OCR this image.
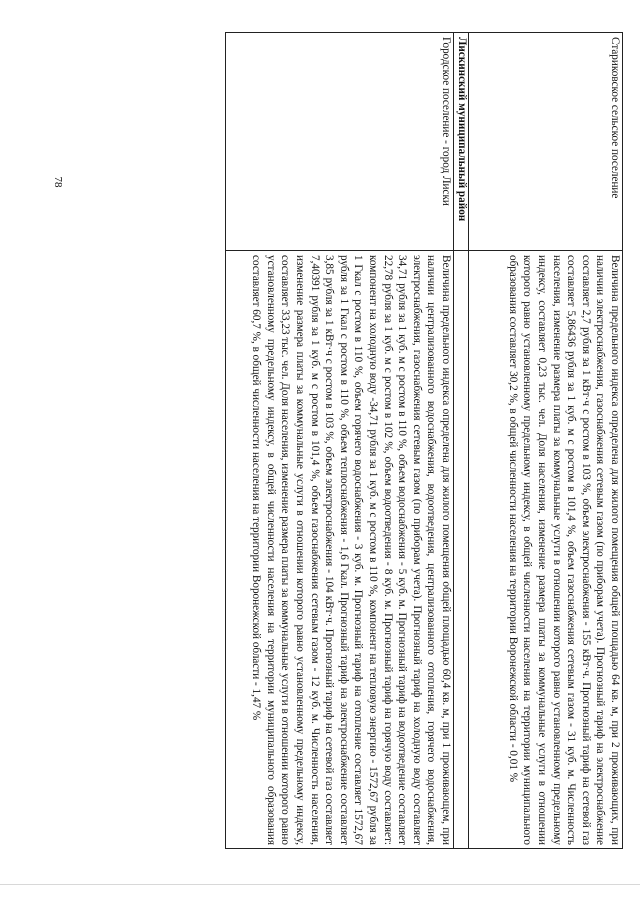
78	Стариковское сельское поселение	Величина предельного индекса определена для жилого помещения общей площадью 64 кв. м, при 2 проживающих, при наличии электроснабжения, газоснабжения сетевым газом (по приборам учета). Прогнозный тариф на электроснабжение составляет 2,7 рубля за 1 кВт·ч с ростом в 103 %, объем электроснабжения - 155 кВт·ч. Прогнозный тариф на сетевой газ составляет 5,86436 рубля за 1 куб. м с ростом в 101,4 %, объем газоснабжения сетевым газом - 31 куб. м. Численность населения, изменение размера платы за коммунальные услуги в отношении которого равно установленному предельному индексу, составляет 0,23 тыс. чел. Доля населения, изменение размера платы за коммунальные услуги в отношении которого равно установленному предельному индексу, в общей численности населения на территории муниципального образования составляет 30,2 %, в общей численности населения на территории Воронежской области - 0,01 %
Лискинский муниципальный район	
Городское поселение - город Лиски	Величина предельного индекса определена для жилого помещения общей площадью 60,4 кв. м, при 1 проживающем, при наличии централизованного водоснабжения, водоотведения, централизованного отопления, горячего водоснабжения, электроснабжения, газоснабжения сетевым газом (по приборам учета). Прогнозный тариф на холодную воду составляет 34,71 рубля за 1 куб. м с ростом в 110 %, объем водоснабжения - 5 куб. м. Прогнозный тариф на водоотведение составляет 22,78 рубля за 1 куб. м с ростом в 102 %, объем водоотведения - 8 куб. м. Прогнозный тариф на горячую воду составляет: компонент на холодную воду -34,71 рубля за 1 куб. м с ростом в 110 %, компонент на тепловую энергию - 1572,67 рубля за 1 Гкал с ростом в 110 %, объем горячего водоснабжения - 3 куб. м. Прогнозный тариф на отопление составляет 1572,67 рубля за 1 Гкал с ростом в 110 %, объем теплоснабжения - 1,6 Гкал. Прогнозный тариф на электроснабжение составляет 3,85 рубля за 1 кВт·ч с ростом в 103 %, объем электроснабжения - 104 кВт·ч. Прогнозный тариф на сетевой газ составляет 7,40391 рубля за 1 куб. м с ростом в 101,4 %, объем газоснабжения сетевым газом - 12 куб. м. Численность населения, изменение размера платы за коммунальные услуги в отношении которого равно установленному предельному индексу, составляет 33,23 тыс. чел. Доля населения, изменение размера платы за коммунальные услуги в отношении которого равно установленному предельному индексу, в общей численности населения на территории муниципального образования составляет 60,7 %, в общей численности населения на территории Воронежской области - 1,47 %
